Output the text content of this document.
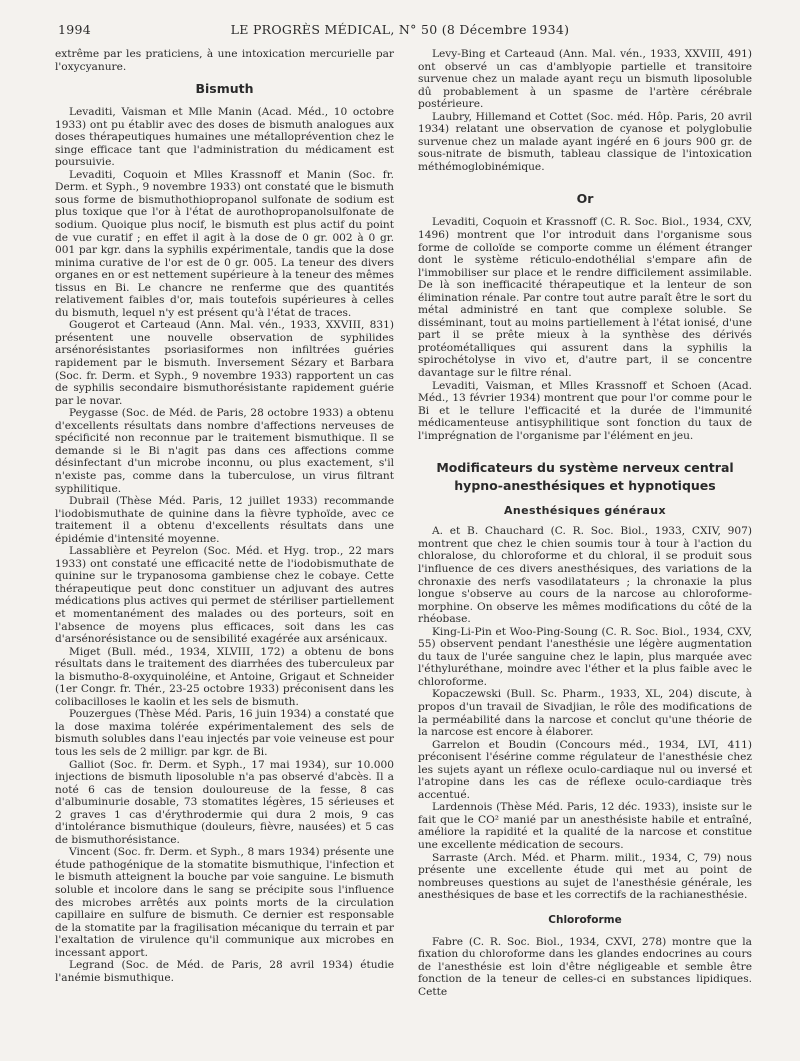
1994	LE PROGRÈS MÉDICAL, N° 50 (8 Décembre 1934)

extrême par les praticiens, à une intoxication mercurielle par l'oxycyanure.

Bismuth

Levaditi, Vaisman et Mlle Manin (Acad. Méd., 10 octobre 1933) ont pu établir avec des doses de bismuth analogues aux doses thérapeutiques humaines une métalloprévention chez le singe efficace tant que l'administration du médicament est poursuivie.

Levaditi, Coquoin et Mlles Krassnoff et Manin (Soc. fr. Derm. et Syph., 9 novembre 1933) ont constaté que le bismuth sous forme de bismuthothiopropanol sulfonate de sodium est plus toxique que l'or à l'état de aurothopropanolsulfonate de sodium. Quoique plus nocif, le bismuth est plus actif du point de vue curatif ; en effet il agit à la dose de 0 gr. 002 à 0 gr. 001 par kgr. dans la syphilis expérimentale, tandis que la dose minima curative de l'or est de 0 gr. 005. La teneur des divers organes en or est nettement supérieure à la teneur des mêmes tissus en Bi. Le chancre ne renferme que des quantités relativement faibles d'or, mais toutefois supérieures à celles du bismuth, lequel n'y est présent qu'à l'état de traces.

Gougerot et Carteaud (Ann. Mal. vén., 1933, XXVIII, 831) présentent une nouvelle observation de syphilides arsénorésistantes psoriasiformes non infiltrées guéries rapidement par le bismuth. Inversement Sézary et Barbara (Soc. fr. Derm. et Syph., 9 novembre 1933) rapportent un cas de syphilis secondaire bismuthorésistante rapidement guérie par le novar.

Peygasse (Soc. de Méd. de Paris, 28 octobre 1933) a obtenu d'excellents résultats dans nombre d'affections nerveuses de spécificité non reconnue par le traitement bismuthique. Il se demande si le Bi n'agit pas dans ces affections comme désinfectant d'un microbe inconnu, ou plus exactement, s'il n'existe pas, comme dans la tuberculose, un virus filtrant syphilitique.

Dubrail (Thèse Méd. Paris, 12 juillet 1933) recommande l'iodobismuthate de quinine dans la fièvre typhoïde, avec ce traitement il a obtenu d'excellents résultats dans une épidémie d'intensité moyenne.

Lassablière et Peyrelon (Soc. Méd. et Hyg. trop., 22 mars 1933) ont constaté une efficacité nette de l'iodobismuthate de quinine sur le trypanosoma gambiense chez le cobaye. Cette thérapeutique peut donc constituer un adjuvant des autres médications plus actives qui permet de stériliser partiellement et momentanément des malades ou des porteurs, soit en l'absence de moyens plus efficaces, soit dans les cas d'arsénorésistance ou de sensibilité exagérée aux arsénicaux.

Miget (Bull. méd., 1934, XLVIII, 172) a obtenu de bons résultats dans le traitement des diarrhées des tuberculeux par la bismutho-8-oxyquinoléine, et Antoine, Grigaut et Schneider (1er Congr. fr. Thér., 23-25 octobre 1933) préconisent dans les colibacilloses le kaolin et les sels de bismuth.

Pouzergues (Thèse Méd. Paris, 16 juin 1934) a constaté que la dose maxima tolérée expérimentalement des sels de bismuth solubles dans l'eau injectés par voie veineuse est pour tous les sels de 2 milligr. par kgr. de Bi.

Galliot (Soc. fr. Derm. et Syph., 17 mai 1934), sur 10.000 injections de bismuth liposoluble n'a pas observé d'abcès. Il a noté 6 cas de tension douloureuse de la fesse, 8 cas d'albuminurie dosable, 73 stomatites légères, 15 sérieuses et 2 graves 1 cas d'érythrodermie qui dura 2 mois, 9 cas d'intolérance bismuthique (douleurs, fièvre, nausées) et 5 cas de bismuthorésistance.

Vincent (Soc. fr. Derm. et Syph., 8 mars 1934) présente une étude pathogénique de la stomatite bismuthique, l'infection et le bismuth atteignent la bouche par voie sanguine. Le bismuth soluble et incolore dans le sang se précipite sous l'influence des microbes arrêtés aux points morts de la circulation capillaire en sulfure de bismuth. Ce dernier est responsable de la stomatite par la fragilisation mécanique du terrain et par l'exaltation de virulence qu'il communique aux microbes en incessant apport.

Legrand (Soc. de Méd. de Paris, 28 avril 1934) étudie l'anémie bismuthique.

Levy-Bing et Carteaud (Ann. Mal. vén., 1933, XXVIII, 491) ont observé un cas d'amblyopie partielle et transitoire survenue chez un malade ayant reçu un bismuth liposoluble dû probablement à un spasme de l'artère cérébrale postérieure.

Laubry, Hillemand et Cottet (Soc. méd. Hôp. Paris, 20 avril 1934) relatant une observation de cyanose et polyglobulie survenue chez un malade ayant ingéré en 6 jours 900 gr. de sous-nitrate de bismuth, tableau classique de l'intoxication méthémoglobinémique.

Or

Levaditi, Coquoin et Krassnoff (C. R. Soc. Biol., 1934, CXV, 1496) montrent que l'or introduit dans l'organisme sous forme de colloïde se comporte comme un élément étranger dont le système réticulo-endothélial s'empare afin de l'immobiliser sur place et le rendre difficilement assimilable. De là son inefficacité thérapeutique et la lenteur de son élimination rénale. Par contre tout autre paraît être le sort du métal administré en tant que complexe soluble. Se disséminant, tout au moins partiellement à l'état ionisé, d'une part il se prête mieux à la synthèse des dérivés protéométalliques qui assurent dans la syphilis la spirochétolyse in vivo et, d'autre part, il se concentre davantage sur le filtre rénal.

Levaditi, Vaisman, et Mlles Krassnoff et Schoen (Acad. Méd., 13 février 1934) montrent que pour l'or comme pour le Bi et le tellure l'efficacité et la durée de l'immunité médicamenteuse antisyphilitique sont fonction du taux de l'imprégnation de l'organisme par l'élément en jeu.

Modificateurs du système nerveux central
hypno-anesthésiques et hypnotiques
Anesthésiques généraux

A. et B. Chauchard (C. R. Soc. Biol., 1933, CXIV, 907) montrent que chez le chien soumis tour à tour à l'action du chloralose, du chloroforme et du chloral, il se produit sous l'influence de ces divers anesthésiques, des variations de la chronaxie des nerfs vasodilatateurs ; la chronaxie la plus longue s'observe au cours de la narcose au chloroforme-morphine. On observe les mêmes modifications du côté de la rhéobase.

King-Li-Pin et Woo-Ping-Soung (C. R. Soc. Biol., 1934, CXV, 55) observent pendant l'anesthésie une légère augmentation du taux de l'urée sanguine chez le lapin, plus marquée avec l'éthyluréthane, moindre avec l'éther et la plus faible avec le chloroforme.

Kopaczewski (Bull. Sc. Pharm., 1933, XL, 204) discute, à propos d'un travail de Sivadjian, le rôle des modifications de la perméabilité dans la narcose et conclut qu'une théorie de la narcose est encore à élaborer.

Garrelon et Boudin (Concours méd., 1934, LVI, 411) préconisent l'ésérine comme régulateur de l'anesthésie chez les sujets ayant un réflexe oculo-cardiaque nul ou inversé et l'atropine dans les cas de réflexe oculo-cardiaque très accentué.

Lardennois (Thèse Méd. Paris, 12 déc. 1933), insiste sur le fait que le CO² manié par un anesthésiste habile et entraîné, améliore la rapidité et la qualité de la narcose et constitue une excellente médication de secours.

Sarraste (Arch. Méd. et Pharm. milit., 1934, C, 79) nous présente une excellente étude qui met au point de nombreuses questions au sujet de l'anesthésie générale, les anesthésiques de base et les correctifs de la rachianesthésie.

Chloroforme

Fabre (C. R. Soc. Biol., 1934, CXVI, 278) montre que la fixation du chloroforme dans les glandes endocrines au cours de l'anesthésie est loin d'être négligeable et semble être fonction de la teneur de celles-ci en substances lipidiques. Cette
